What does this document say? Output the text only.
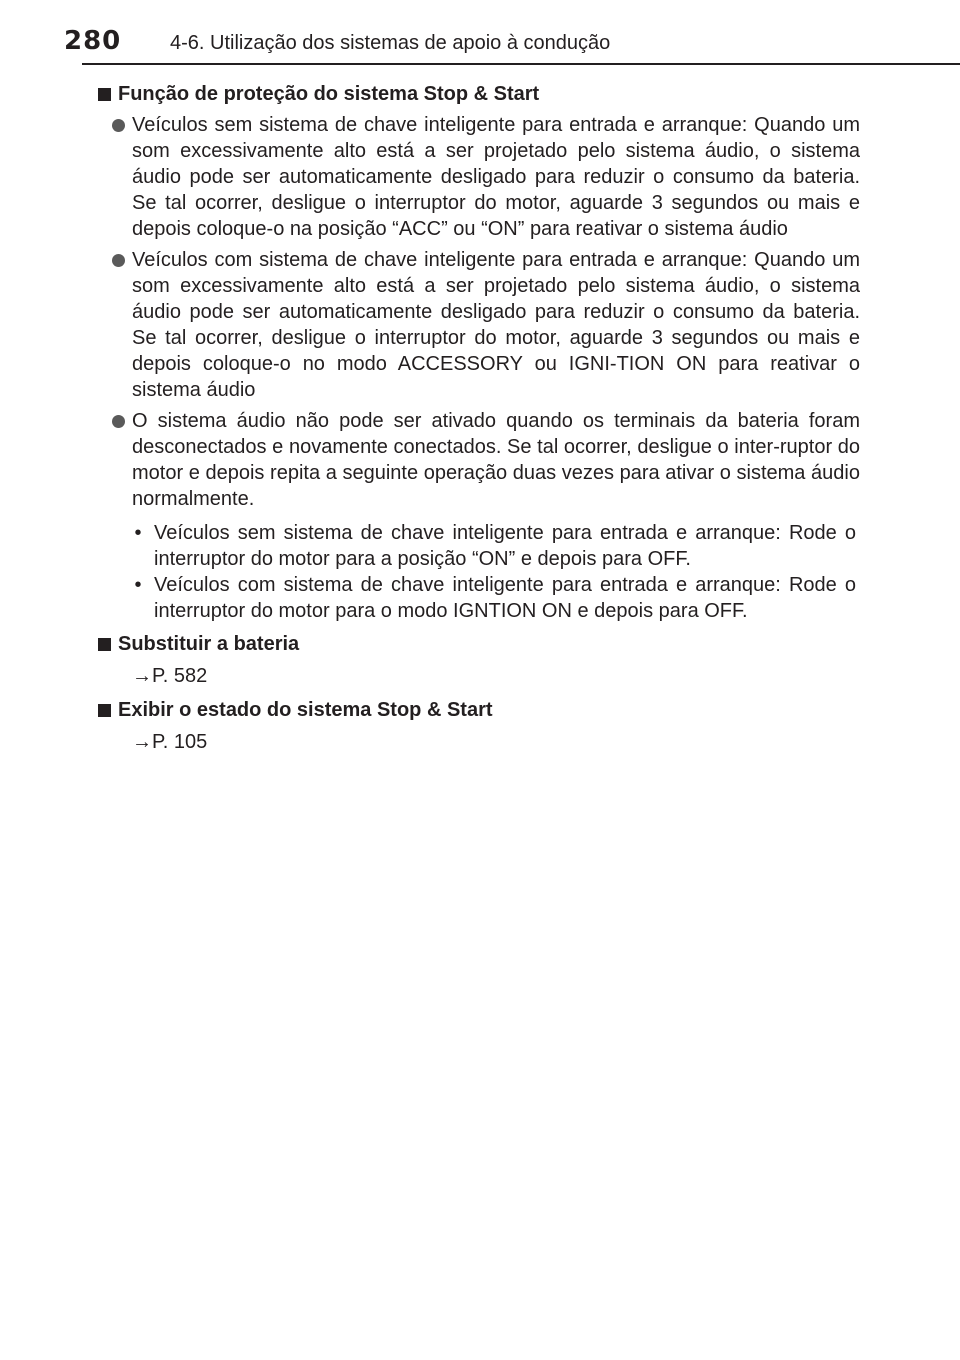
280 4-6. Utilização dos sistemas de apoio à condução
Função de proteção do sistema Stop & Start
Veículos sem sistema de chave inteligente para entrada e arranque: Quando um som excessivamente alto está a ser projetado pelo sistema áudio, o sistema áudio pode ser automaticamente desligado para reduzir o consumo da bateria. Se tal ocorrer, desligue o interruptor do motor, aguarde 3 segundos ou mais e depois coloque-o na posição “ACC” ou “ON” para reativar o sistema áudio
Veículos com sistema de chave inteligente para entrada e arranque: Quando um som excessivamente alto está a ser projetado pelo sistema áudio, o sistema áudio pode ser automaticamente desligado para reduzir o consumo da bateria. Se tal ocorrer, desligue o interruptor do motor, aguarde 3 segundos ou mais e depois coloque-o no modo ACCESSORY ou IGNI-TION ON para reativar o sistema áudio
O sistema áudio não pode ser ativado quando os terminais da bateria foram desconectados e novamente conectados. Se tal ocorrer, desligue o inter-ruptor do motor e depois repita a seguinte operação duas vezes para ativar o sistema áudio normalmente.
• Veículos sem sistema de chave inteligente para entrada e arranque: Rode o interruptor do motor para a posição “ON” e depois para OFF.
• Veículos com sistema de chave inteligente para entrada e arranque: Rode o interruptor do motor para o modo IGNTION ON e depois para OFF.
Substituir a bateria
→P. 582
Exibir o estado do sistema Stop & Start
→P. 105
